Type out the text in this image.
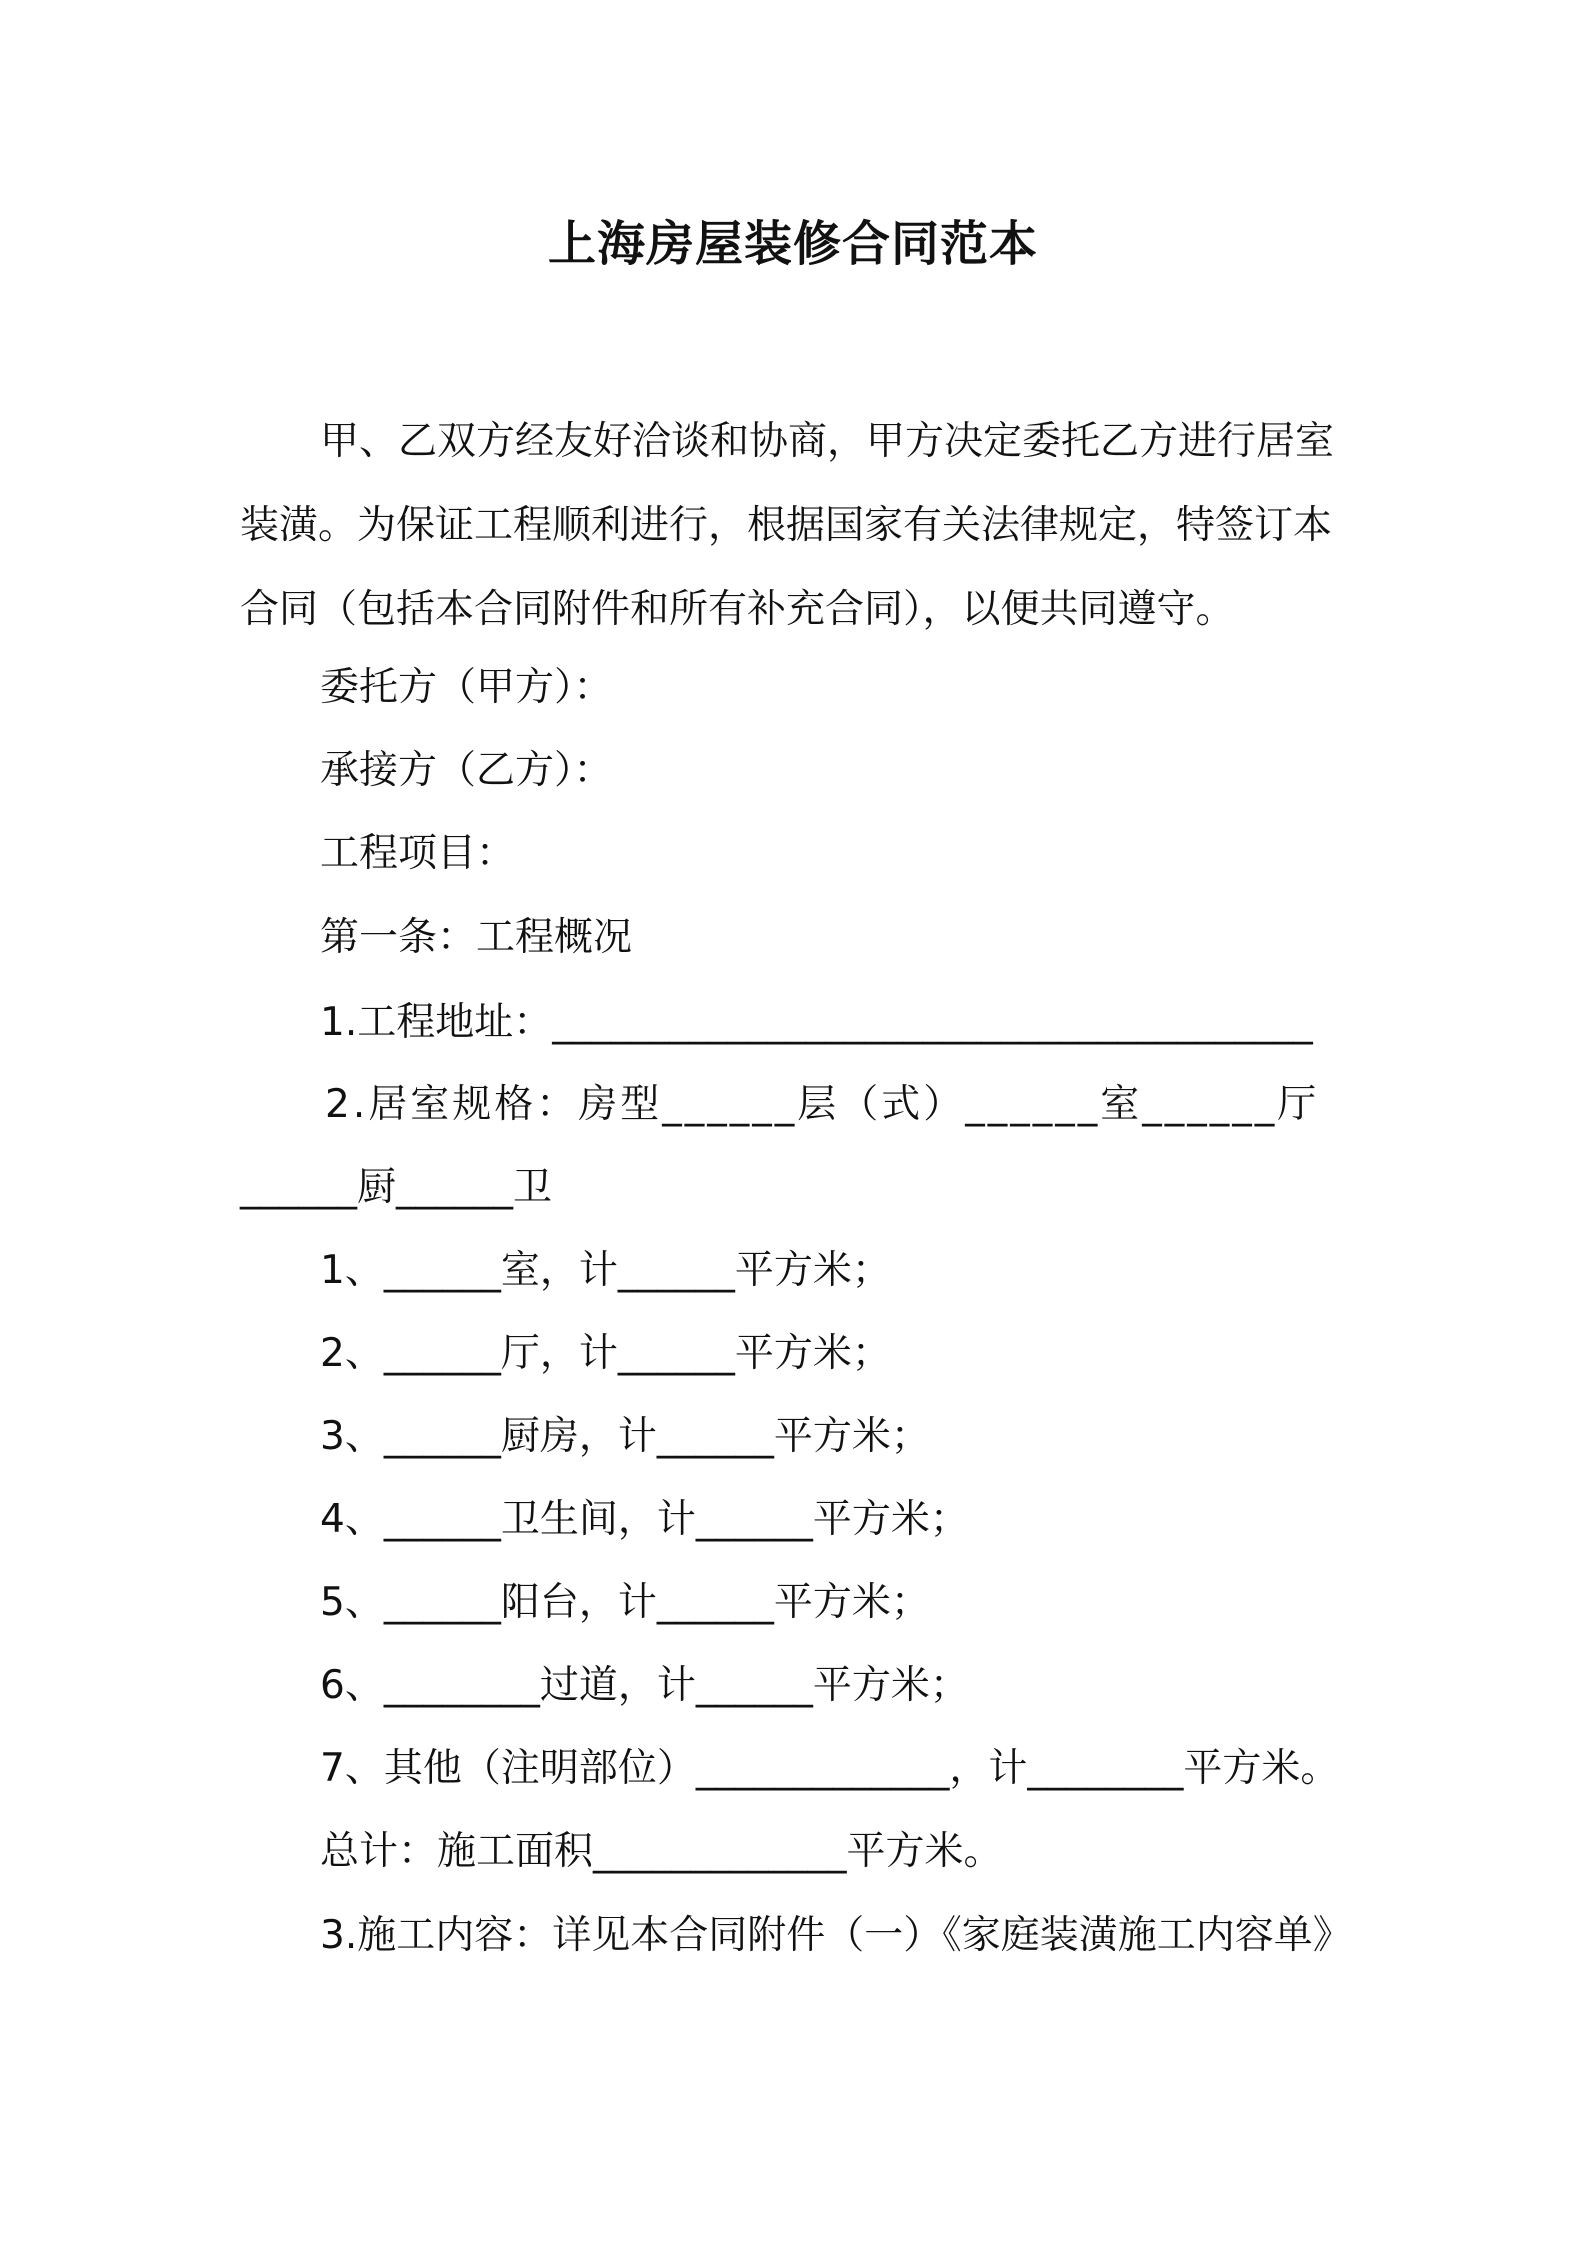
上海房屋装修合同范本

甲、乙双方经友好洽谈和协商，甲方决定委托乙方进行居室装潢。为保证工程顺利进行，根据国家有关法律规定，特签订本合同（包括本合同附件和所有补充合同），以便共同遵守。

委托方（甲方）：

承接方（乙方）：

工程项目：

第一条：工程概况

1.工程地址：_______________________________________

2.居室规格：房型______层（式）______室______厅

______厨______卫

1、______室，计______平方米；

2、______厅，计______平方米；

3、______厨房，计______平方米；

4、______卫生间，计______平方米；

5、______阳台，计______平方米；

6、________过道，计______平方米；

7、其他（注明部位）_____________，计________平方米。

总计：施工面积_____________平方米。

3.施工内容：详见本合同附件（一）《家庭装潢施工内容单》
